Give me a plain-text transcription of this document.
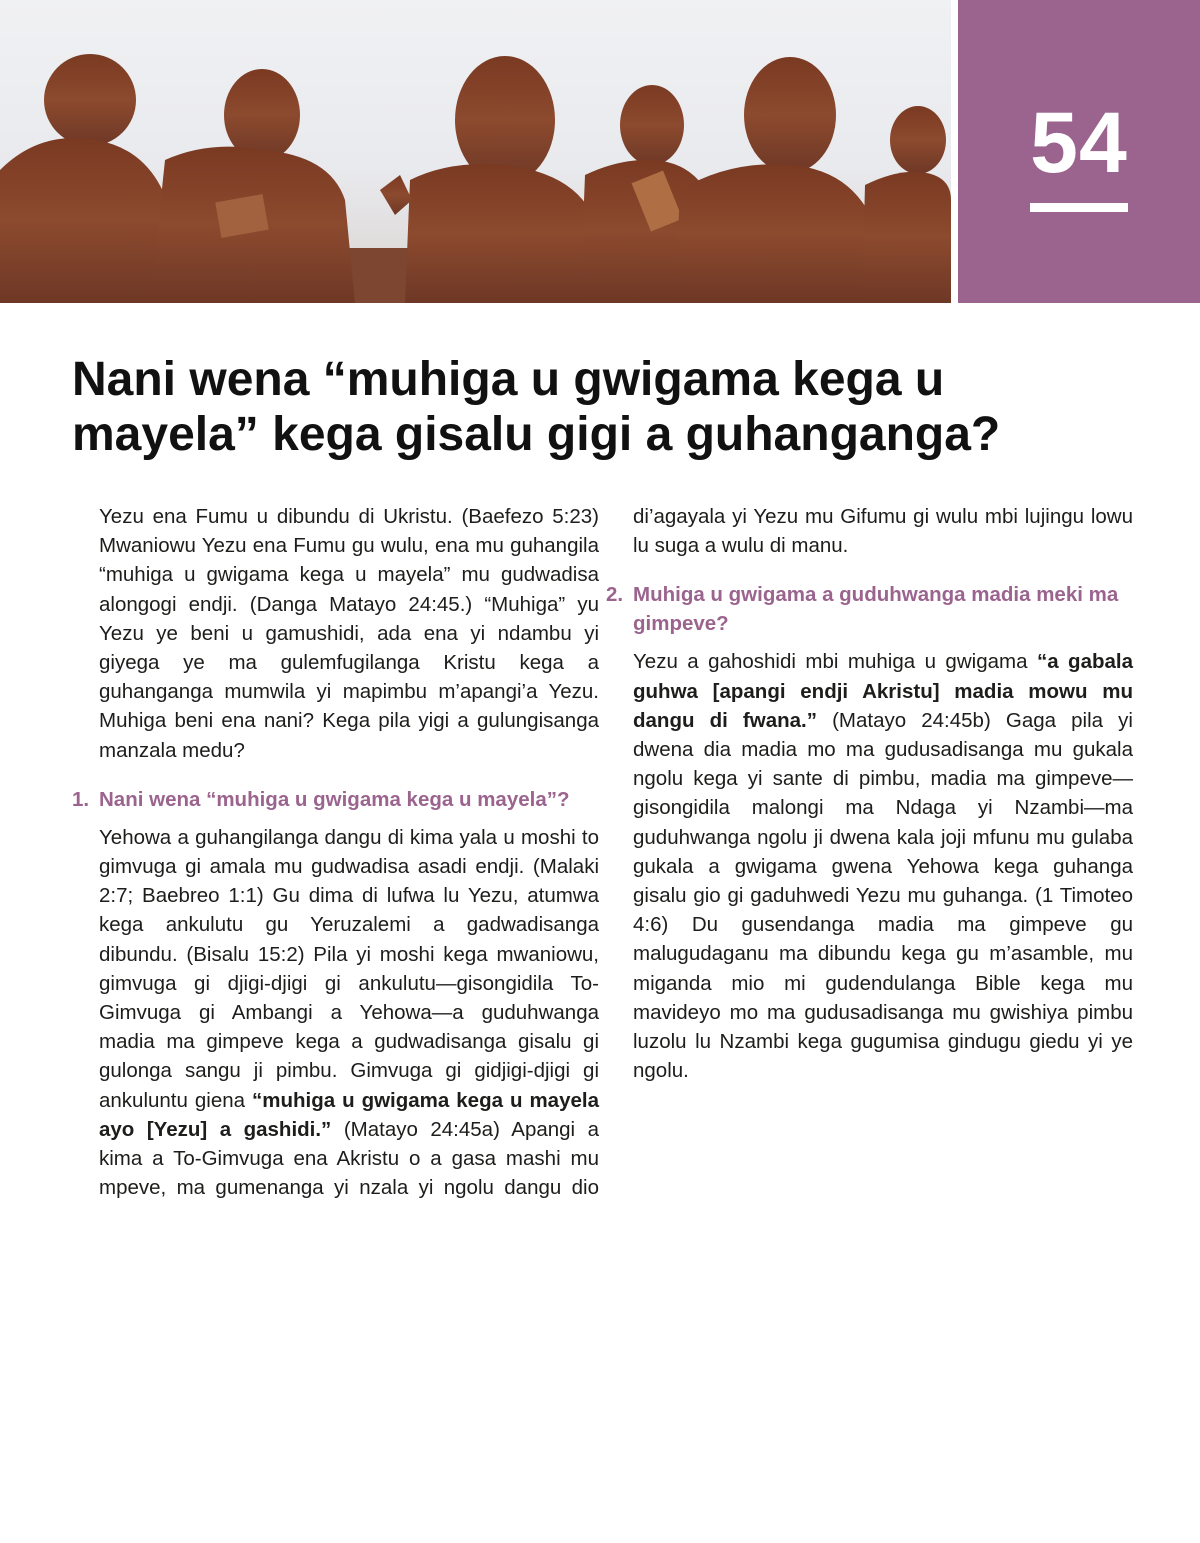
54
Nani wena “muhiga u gwigama kega u mayela” kega gisalu gigi a guhanganga?

Yezu ena Fumu u dibundu di Ukristu. (Baefezo 5:23) Mwaniowu Yezu ena Fumu gu wulu, ena mu guhangila “muhiga u gwigama kega u mayela” mu gudwadisa alongogi endji. (Danga Matayo 24:45.) “Muhiga” yu Yezu ye beni u gamushidi, ada ena yi ndambu yi giyega ye ma gulemfugilanga Kristu kega a guhanganga mumwila yi mapimbu m’apangi’a Yezu. Muhiga beni ena nani? Kega pila yigi a gulungisanga manzala medu?

1. Nani wena “muhiga u gwigama kega u mayela”?

Yehowa a guhangilanga dangu di kima yala u moshi to gimvuga gi amala mu gudwadisa asadi endji. (Malaki 2:7; Baebreo 1:1) Gu dima di lufwa lu Yezu, atumwa kega ankulutu gu Yeruzalemi a gadwadisanga dibundu. (Bisalu 15:2) Pila yi moshi kega mwaniowu, gimvuga gi djigi-djigi gi ankulutu—gisongidila To-Gimvuga gi Ambangi a Yehowa—a guduhwanga madia ma gimpeve kega a gudwadisanga gisalu gi gulonga sangu ji pimbu. Gimvuga gi gidjigi-djigi gi ankuluntu giena “muhiga u gwigama kega u mayela ayo [Yezu] a gashidi.” (Matayo 24:45a) Apangi a kima a To-Gimvuga ena Akristu o a gasa mashi mu mpeve, ma gumenanga yi nzala yi ngolu dangu dio di’agayala yi Yezu mu Gifumu gi wulu mbi lujingu lowu lu suga a wulu di manu.

2. Muhiga u gwigama a guduhwanga madia meki ma gimpeve?

Yezu a gahoshidi mbi muhiga u gwigama “a gabala guhwa [apangi endji Akristu] madia mowu mu dangu di fwana.” (Matayo 24:45b) Gaga pila yi dwena dia madia mo ma gudusadisanga mu gukala ngolu kega yi sante di pimbu, madia ma gimpeve—gisongidila malongi ma Ndaga yi Nzambi—ma guduhwanga ngolu ji dwena kala joji mfunu mu gulaba gukala a gwigama gwena Yehowa kega guhanga gisalu gio gi gaduhwedi Yezu mu guhanga. (1 Timoteo 4:6) Du gusendanga madia ma gimpeve gu malugudaganu ma dibundu kega gu m’asamble, mu miganda mio mi gudendulanga Bible kega mu mavideyo mo ma gudusadisanga mu gwishiya pimbu luzolu lu Nzambi kega gugumisa gindugu giedu yi ye ngolu.
